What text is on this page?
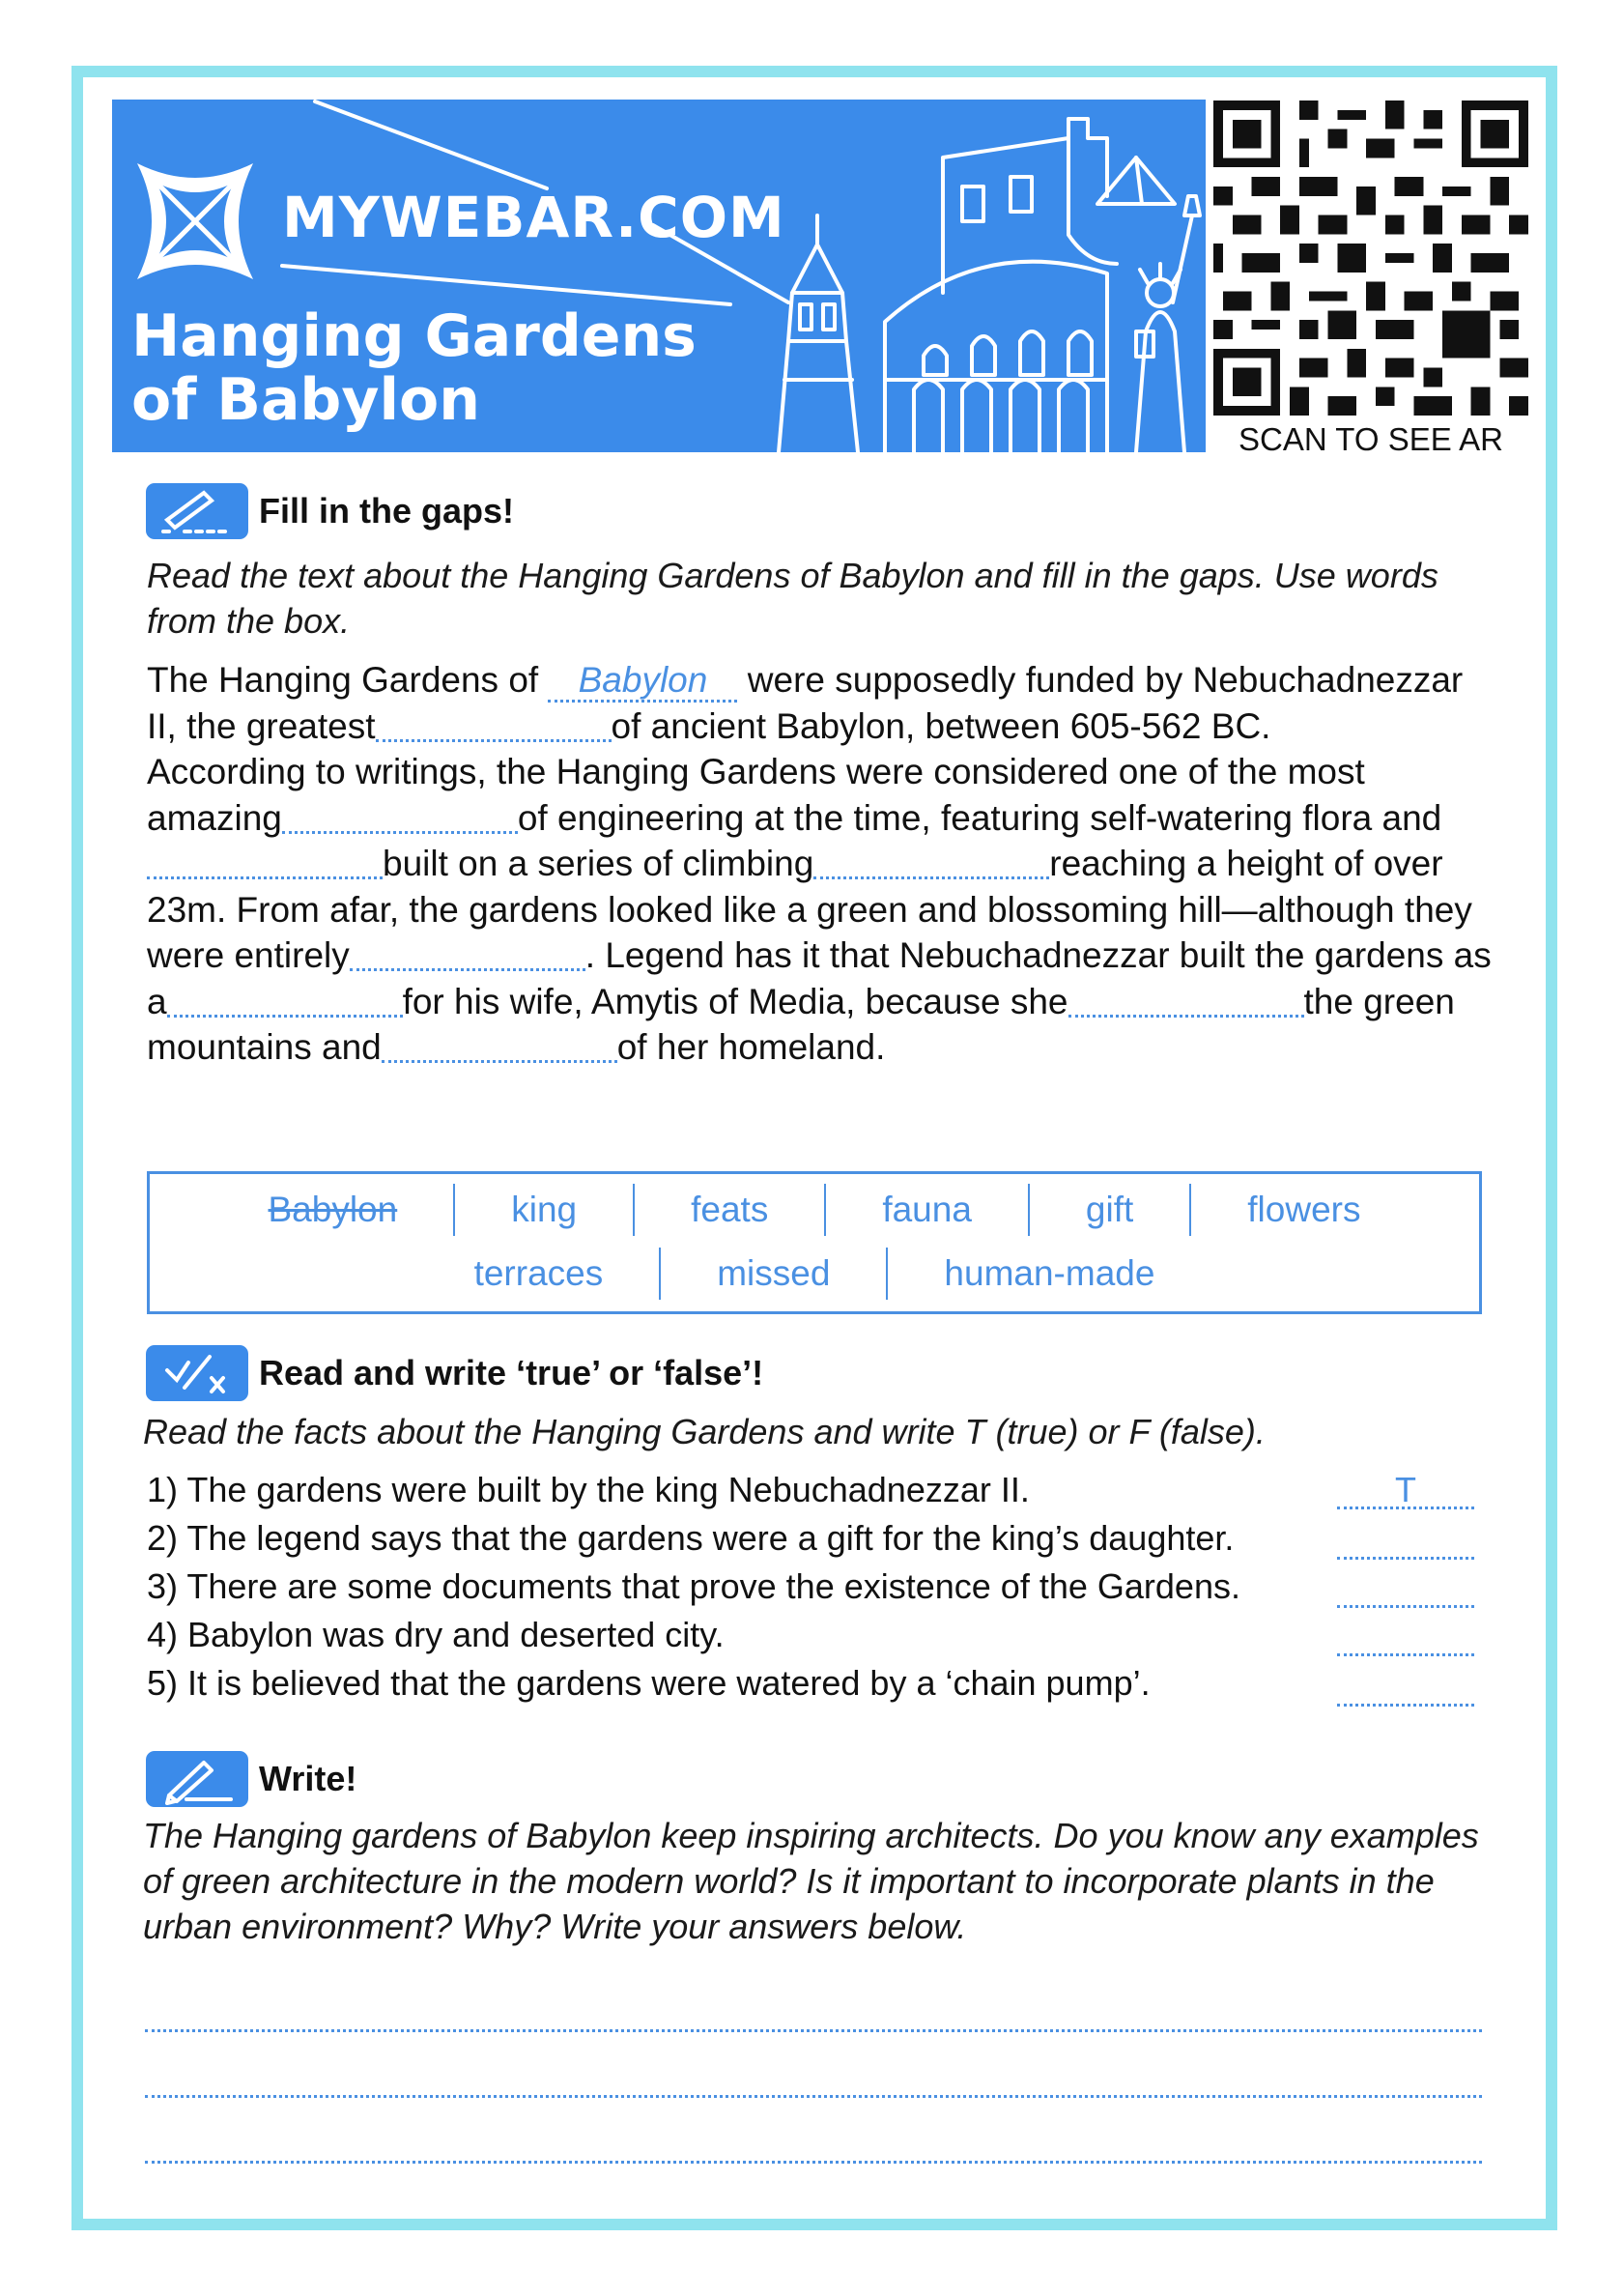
MYWEBAR.COM
Hanging Gardens
of Babylon
SCAN TO SEE AR
Fill in the gaps!
Read the text about the Hanging Gardens of Babylon and fill in the gaps. Use words from the box.
The Hanging Gardens of Babylon were supposedly funded by Nebuchadnezzar II, the greatest	of ancient Babylon, between 605-562 BC.
According to writings, the Hanging Gardens were considered one of the most amazing	of engineering at the time, featuring self-watering flora andbuilt on a series of climbing	reaching a height of over 23m. From afar, the gardens looked like a green and blossoming hill—although they were entirely	. Legend has it that Nebuchadnezzar built the gardens as a	for his wife, Amytis of Media, because she	the green mountains and	of her homeland.
Babylon	king	feats	fauna	gift	flowers
terraces	missed	human-made
Read and write ‘true’ or ‘false’!
Read the facts about the Hanging Gardens and write T (true) or F (false).
1) The gardens were built by the king Nebuchadnezzar II.	T
2) The legend says that the gardens were a gift for the king’s daughter.
3) There are some documents that prove the existence of the Gardens.
4) Babylon was dry and deserted city.
5) It is believed that the gardens were watered by a ‘chain pump’.
Write!
The Hanging gardens of Babylon keep inspiring architects. Do you know any examples of green architecture in the modern world? Is it important to incorporate plants in the urban environment? Why? Write your answers below.
